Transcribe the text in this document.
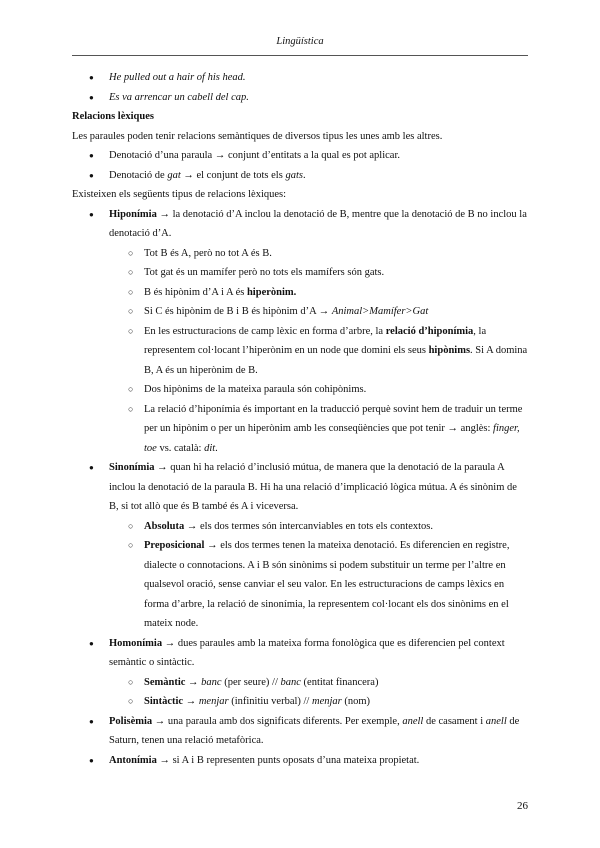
Lingüística
● He pulled out a hair of his head.
● Es va arrencar un cabell del cap.
Relacions lèxiques
Les paraules poden tenir relacions semàntiques de diversos tipus les unes amb les altres.
● Denotació d’una paraula → conjunt d’entitats a la qual es pot aplicar.
● Denotació de gat → el conjunt de tots els gats.
Existeixen els següents tipus de relacions lèxiques:
● Hiponímia → la denotació d’A inclou la denotació de B, mentre que la denotació de B no inclou la denotació d’A.
○ Tot B és A, però no tot A és B.
○ Tot gat és un mamífer però no tots els mamífers són gats.
○ B és hipònim d’A i A és hiperònim.
○ Si C és hipònim de B i B és hipònim d’A → Animal>Mamífer>Gat
○ En les estructuracions de camp lèxic en forma d’arbre, la relació d’hiponímia, la representem col·locant l’hiperònim en un node que domini els seus hipònims. Si A domina B, A és un hiperònim de B.
○ Dos hipònims de la mateixa paraula són cohipònims.
○ La relació d’hiponímia és important en la traducció perquè sovint hem de traduir un terme per un hipònim o per un hiperònim amb les conseqüències que pot tenir → anglès: finger, toe vs. català: dit.
● Sinonímia → quan hi ha relació d’inclusió mútua, de manera que la denotació de la paraula A inclou la denotació de la paraula B. Hi ha una relació d’implicació lògica mútua. A és sinònim de B, si tot allò que és B també és A i viceversa.
○ Absoluta → els dos termes són intercanviables en tots els contextos.
○ Preposicional → els dos termes tenen la mateixa denotació. Es diferencien en registre, dialecte o connotacions. A i B són sinònims si podem substituir un terme per l’altre en qualsevol oració, sense canviar el seu valor. En les estructuracions de camps lèxics en forma d’arbre, la relació de sinonímia, la representem col·locant els dos sinònims en el mateix node.
● Homonímia → dues paraules amb la mateixa forma fonològica que es diferencien pel context semàntic o sintàctic.
○ Semàntic → banc (per seure) // banc (entitat financera)
○ Sintàctic → menjar (infinitiu verbal) // menjar (nom)
● Polisèmia → una paraula amb dos significats diferents. Per exemple, anell de casament i anell de Saturn, tenen una relació metafòrica.
● Antonímia → si A i B representen punts oposats d’una mateixa propietat.
26
